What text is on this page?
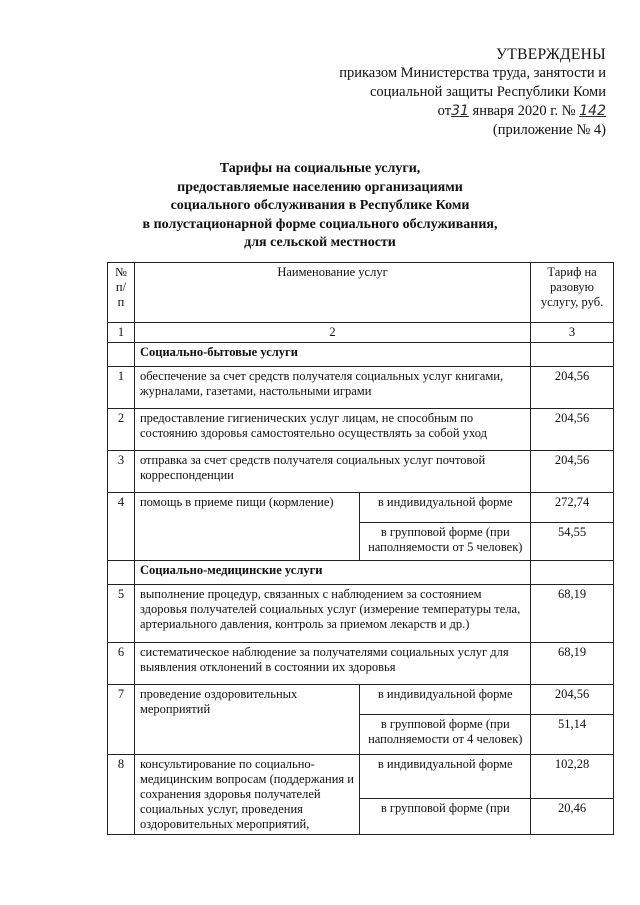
УТВЕРЖДЕНЫ
приказом Министерства труда, занятости и
социальной защиты Республики Коми
от31 января 2020 г. № 142
(приложение № 4)
Тарифы на социальные услуги,
предоставляемые населению организациями
социального обслуживания в Республике Коми
в полустационарной форме социального обслуживания,
для сельской местности
№ п/п	Наименование услуг		Тариф на разовую услугу, руб.
1	2		3
	Социально-бытовые услуги		
1	обеспечение за счет средств получателя социальных услуг книгами, журналами, газетами, настольными играми		204,56
2	предоставление гигиенических услуг лицам, не способным по состоянию здоровья самостоятельно осуществлять за собой уход		204,56
3	отправка за счет средств получателя социальных услуг почтовой корреспонденции		204,56
4	помощь в приеме пищи (кормление)	в индивидуальной форме	272,74
		в групповой форме (при наполняемости от 5 человек)	54,55
	Социально-медицинские услуги		
5	выполнение процедур, связанных с наблюдением за состоянием здоровья получателей социальных услуг (измерение температуры тела, артериального давления, контроль за приемом лекарств и др.)		68,19
6	систематическое наблюдение за получателями социальных услуг для выявления отклонений в состоянии их здоровья		68,19
7	проведение оздоровительных мероприятий	в индивидуальной форме	204,56
		в групповой форме (при наполняемости от 4 человек)	51,14
8	консультирование по социально-медицинским вопросам (поддержания и сохранения здоровья получателей социальных услуг, проведения оздоровительных мероприятий,	в индивидуальной форме	102,28
		в групповой форме (при	20,46
